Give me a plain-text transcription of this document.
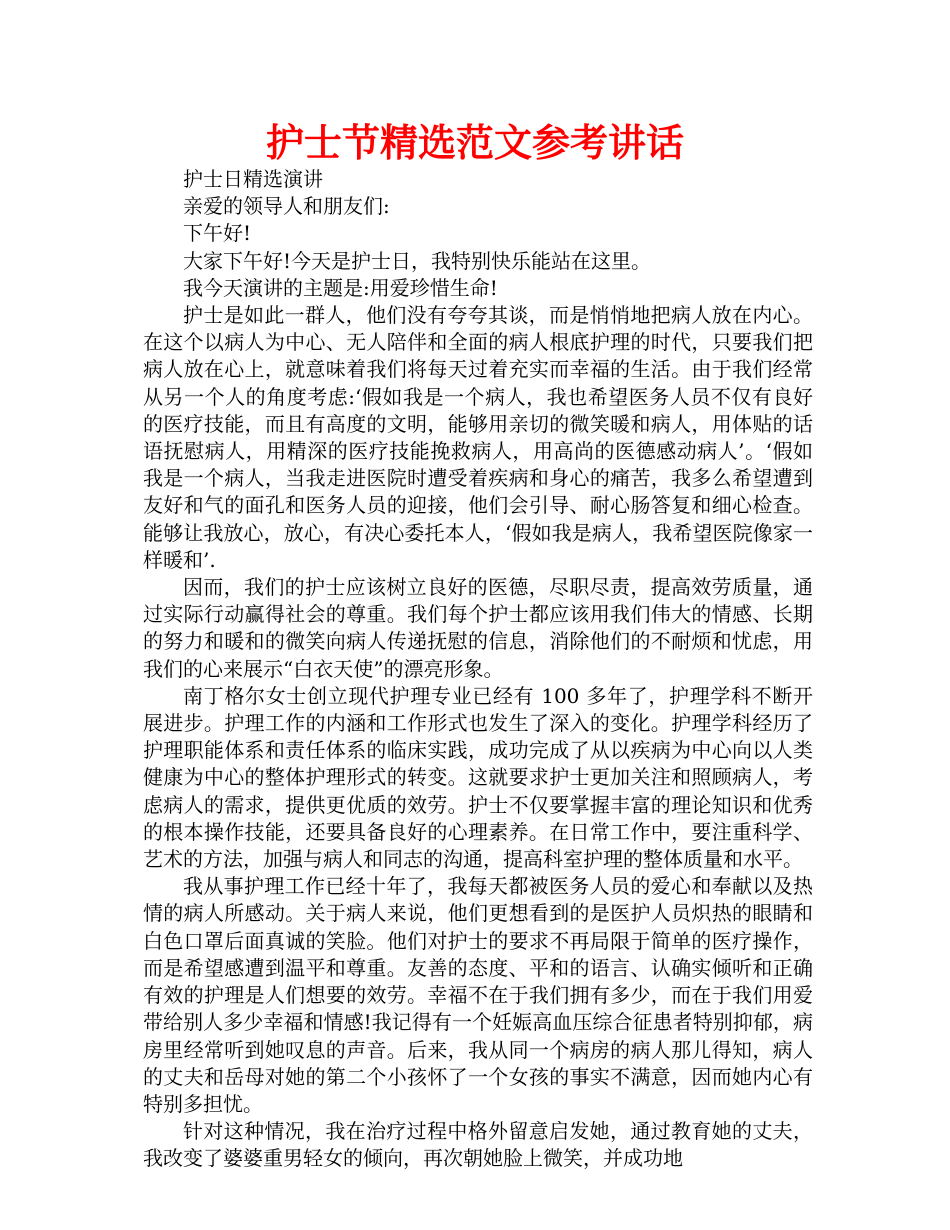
护士节精选范文参考讲话

护士日精选演讲

亲爱的领导人和朋友们:

下午好!

大家下午好!今天是护士日，我特别快乐能站在这里。

我今天演讲的主题是:用爱珍惜生命!

护士是如此一群人，他们没有夸夸其谈，而是悄悄地把病人放在内心。在这个以病人为中心、无人陪伴和全面的病人根底护理的时代，只要我们把病人放在心上，就意味着我们将每天过着充实而幸福的生活。由于我们经常从另一个人的角度考虑:‘假如我是一个病人，我也希望医务人员不仅有良好的医疗技能，而且有高度的文明，能够用亲切的微笑暖和病人，用体贴的话语抚慰病人，用精深的医疗技能挽救病人，用高尚的医德感动病人’。‘假如我是一个病人，当我走进医院时遭受着疾病和身心的痛苦，我多么希望遭到友好和气的面孔和医务人员的迎接，他们会引导、耐心肠答复和细心检查。能够让我放心，放心，有决心委托本人，‘假如我是病人，我希望医院像家一样暖和’.

因而，我们的护士应该树立良好的医德，尽职尽责，提高效劳质量，通过实际行动赢得社会的尊重。我们每个护士都应该用我们伟大的情感、长期的努力和暖和的微笑向病人传递抚慰的信息，消除他们的不耐烦和忧虑，用我们的心来展示“白衣天使”的漂亮形象。

南丁格尔女士创立现代护理专业已经有 100 多年了，护理学科不断开展进步。护理工作的内涵和工作形式也发生了深入的变化。护理学科经历了护理职能体系和责任体系的临床实践，成功完成了从以疾病为中心向以人类健康为中心的整体护理形式的转变。这就要求护士更加关注和照顾病人，考虑病人的需求，提供更优质的效劳。护士不仅要掌握丰富的理论知识和优秀的根本操作技能，还要具备良好的心理素养。在日常工作中，要注重科学、艺术的方法，加强与病人和同志的沟通，提高科室护理的整体质量和水平。

我从事护理工作已经十年了，我每天都被医务人员的爱心和奉献以及热情的病人所感动。关于病人来说，他们更想看到的是医护人员炽热的眼睛和白色口罩后面真诚的笑脸。他们对护士的要求不再局限于简单的医疗操作，而是希望感遭到温平和尊重。友善的态度、平和的语言、认确实倾听和正确有效的护理是人们想要的效劳。幸福不在于我们拥有多少，而在于我们用爱带给别人多少幸福和情感!我记得有一个妊娠高血压综合征患者特别抑郁，病房里经常听到她叹息的声音。后来，我从同一个病房的病人那儿得知，病人的丈夫和岳母对她的第二个小孩怀了一个女孩的事实不满意，因而她内心有特别多担忧。

针对这种情况，我在治疗过程中格外留意启发她，通过教育她的丈夫，我改变了婆婆重男轻女的倾向，再次朝她脸上微笑，并成功地
